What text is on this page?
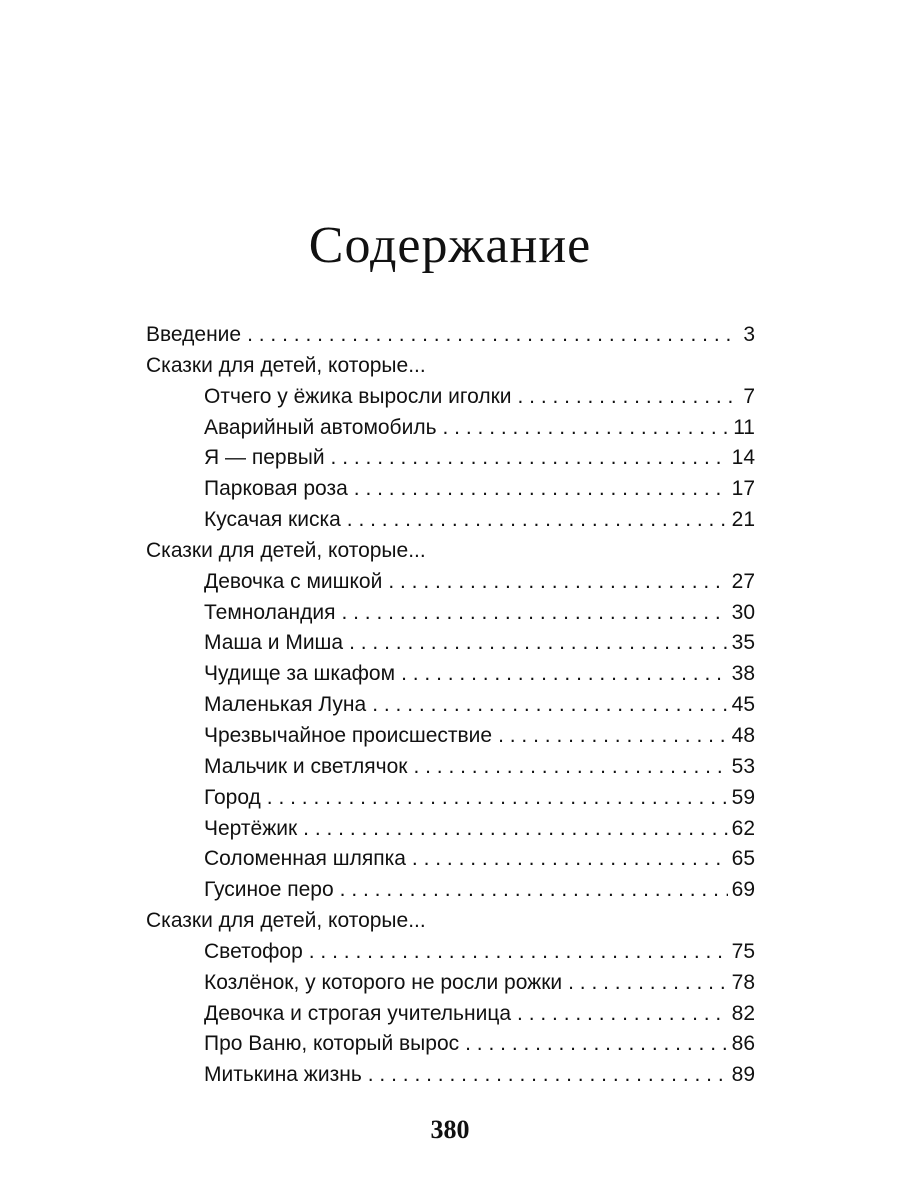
Содержание
Введение . . .	3
Сказки для детей, которые...
Отчего у ёжика выросли иголки . . .	7
Аварийный автомобиль . . .	11
Я — первый . . .	14
Парковая роза . . .	17
Кусачая киска . . .	21
Сказки для детей, которые...
Девочка с мишкой . . .	27
Темноландия . . .	30
Маша и Миша . . .	35
Чудище за шкафом . . .	38
Маленькая Луна . . .	45
Чрезвычайное происшествие . . .	48
Мальчик и светлячок . . .	53
Город . . .	59
Чертёжик . . .	62
Соломенная шляпка . . .	65
Гусиное перо . . .	69
Сказки для детей, которые...
Светофор . . .	75
Козлёнок, у которого не росли рожки . . .	78
Девочка и строгая учительница . . .	82
Про Ваню, который вырос . . .	86
Митькина жизнь . . .	89
380
